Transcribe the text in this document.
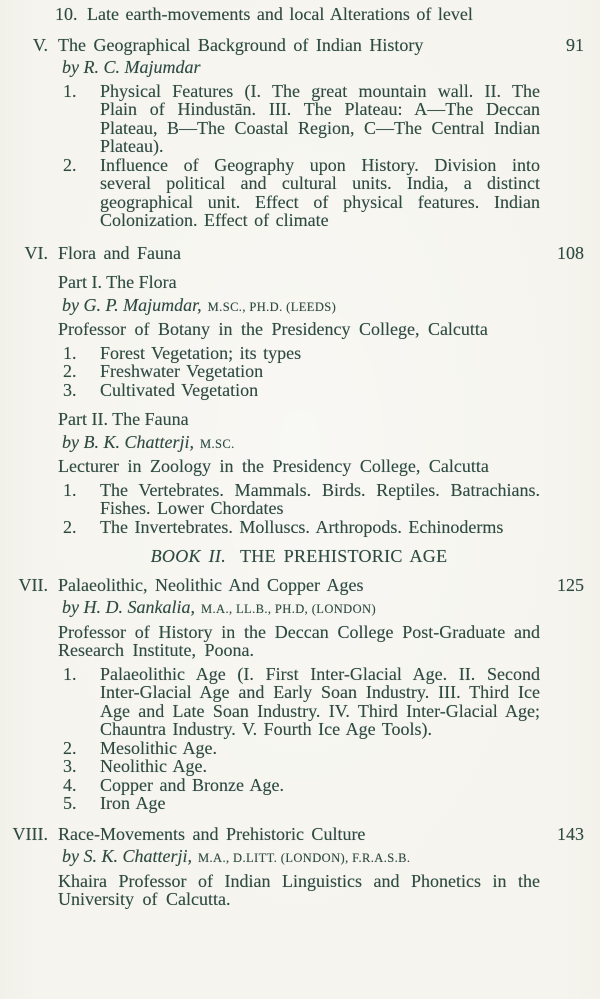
10. Late earth-movements and local Alterations of level
V. The Geographical Background of Indian History	91
by R. C. Majumdar
1.	Physical Features (I. The great mountain wall. II. The Plain of Hindustān. III. The Plateau: A—The Deccan Plateau, B—The Coastal Region, C—The Central Indian Plateau).
2.	Influence of Geography upon History. Division into several political and cultural units. India, a distinct geographical unit. Effect of physical features. Indian Colonization. Effect of climate
VI. Flora and Fauna	108
Part I. The Flora
by G. P. Majumdar, M.SC., PH.D. (LEEDS)
Professor of Botany in the Presidency College, Calcutta
1.	Forest Vegetation; its types
2.	Freshwater Vegetation
3.	Cultivated Vegetation
Part II. The Fauna
by B. K. Chatterji, M.SC.
Lecturer in Zoology in the Presidency College, Calcutta
1.	The Vertebrates. Mammals. Birds. Reptiles. Batrachians. Fishes. Lower Chordates
2.	The Invertebrates. Molluscs. Arthropods. Echinoderms
BOOK II. THE PREHISTORIC AGE
VII. Palaeolithic, Neolithic And Copper Ages	125
by H. D. Sankalia, M.A., LL.B., PH.D, (LONDON)
Professor of History in the Deccan College Post-Graduate and Research Institute, Poona.
1.	Palaeolithic Age (I. First Inter-Glacial Age. II. Second Inter-Glacial Age and Early Soan Industry. III. Third Ice Age and Late Soan Industry. IV. Third Inter-Glacial Age; Chauntra Industry. V. Fourth Ice Age Tools).
2.	Mesolithic Age.
3.	Neolithic Age.
4.	Copper and Bronze Age.
5.	Iron Age
VIII. Race-Movements and Prehistoric Culture	143
by S. K. Chatterji, M.A., D.LITT. (LONDON), F.R.A.S.B.
Khaira Professor of Indian Linguistics and Phonetics in the University of Calcutta.
